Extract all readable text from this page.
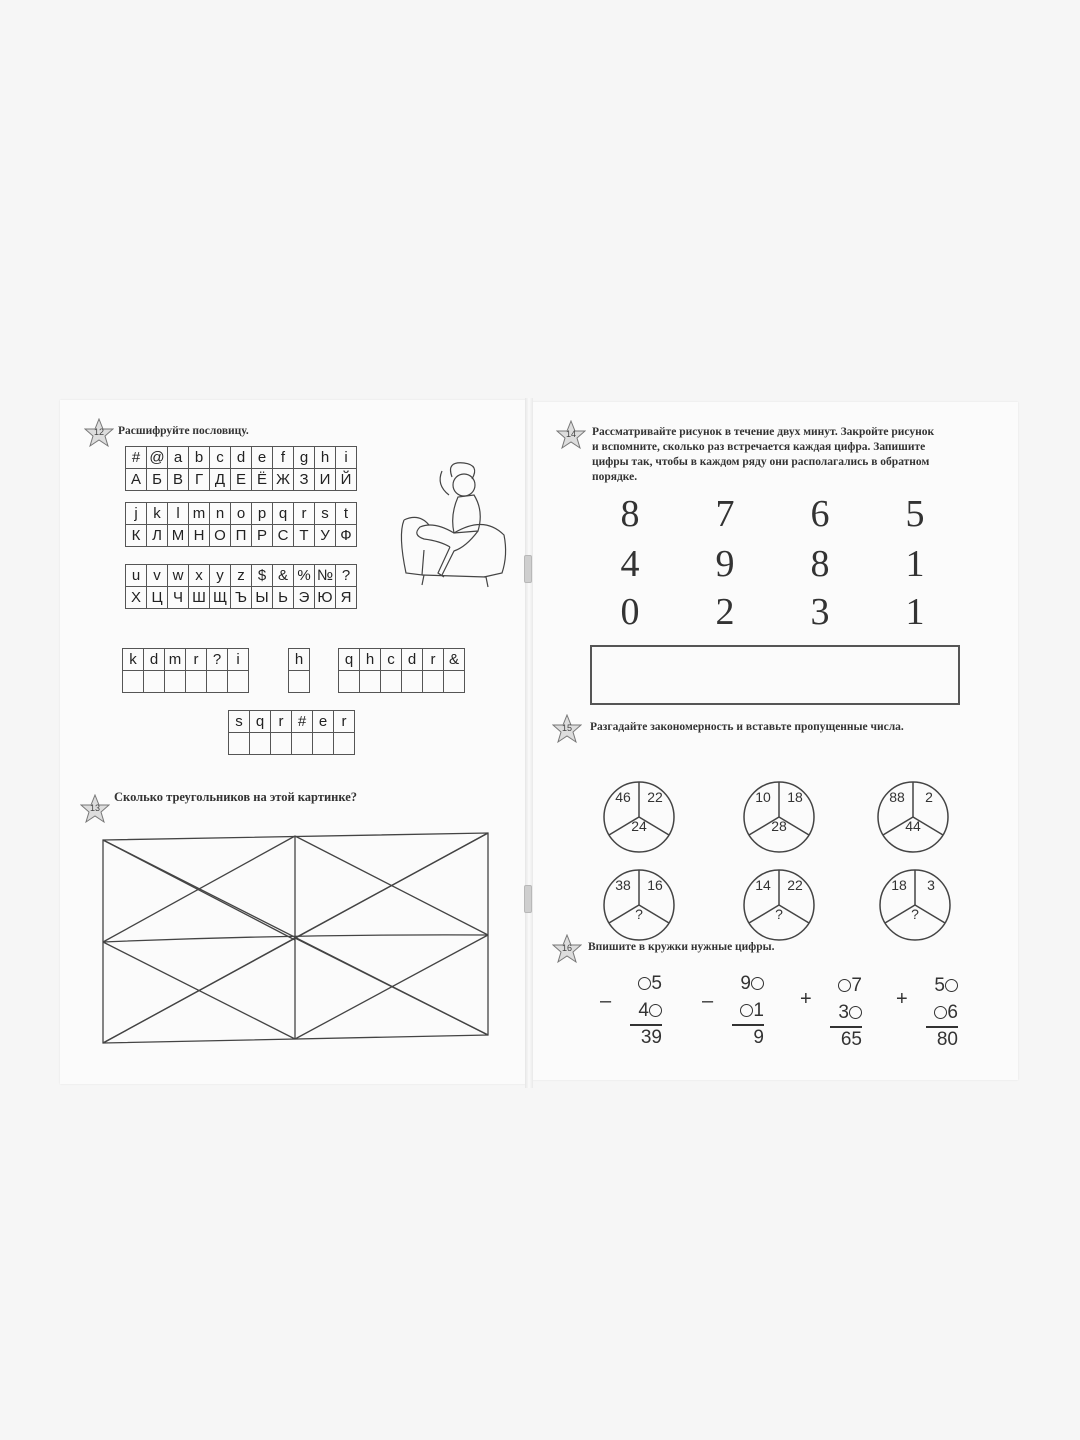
12	Расшифруйте пословицу.
#	@	a	b	c	d	e	f	g	h	i
А	Б	В	Г	Д	Е	Ё	Ж	З	И	Й
j	k	l	m	n	o	p	q	r	s	t
К	Л	М	Н	О	П	Р	С	Т	У	Ф
u	v	w	x	y	z	$	&	%	№	?
Х	Ц	Ч	Ш	Щ	Ъ	Ы	Ь	Э	Ю	Я
k	d	m	r	?	i
						h	q	h	c	d	r	&

s	q	r	#	e	r

13
Сколько треугольников на этой картинке?
14	Рассматривайте рисунок в течение двух минут. Закройте рисунок
и вспомните, сколько раз встречается каждая цифра. Запишите
цифры так, чтобы в каждом ряду они располагались в обратном
порядке.
8 7 6 5
4 9 8 1
0 2 3 1
15	Разгадайте закономерность и вставьте пропущенные числа.
46	22
24
10	18
28
88	2
44
38	16
?
14	22
?
18	3
?
16	Впишите в кружки нужные цифры.
–
5
4
39
–
9
1
9
+
7
3
65
+
5
6
80
